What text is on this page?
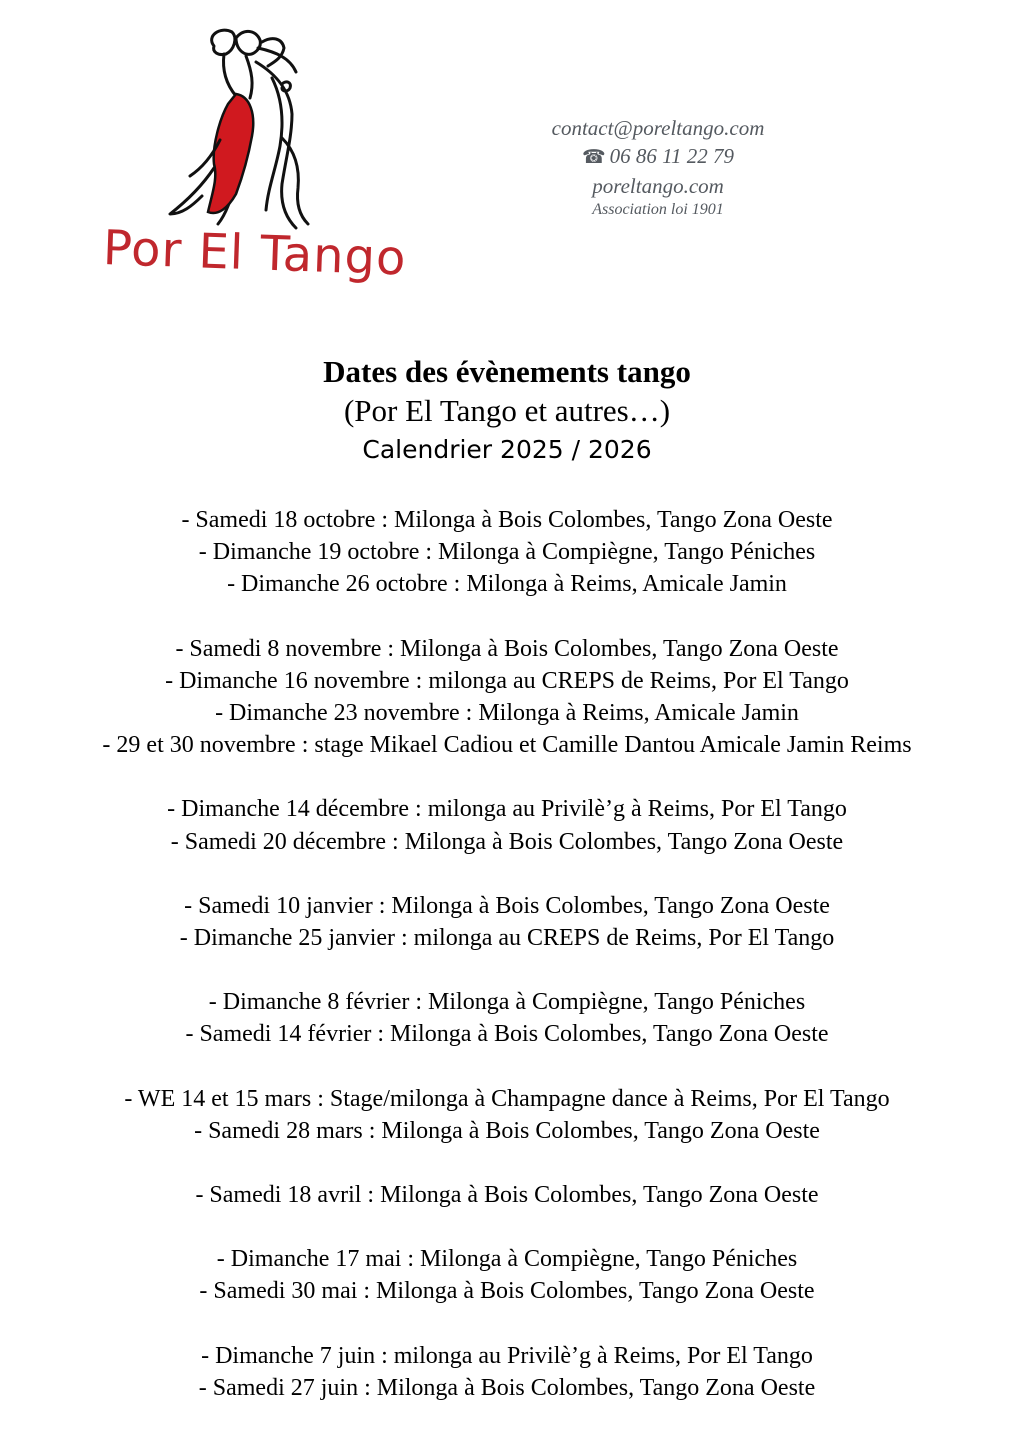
Por El Tango
contact@poreltango.com
☎ 06 86 11 22 79
poreltango.com
Association loi 1901
Dates des évènements tango
(Por El Tango et autres…)
Calendrier 2025 / 2026
- Samedi 18 octobre : Milonga à Bois Colombes, Tango Zona Oeste
- Dimanche 19 octobre : Milonga à Compiègne, Tango Péniches
- Dimanche 26 octobre : Milonga à Reims, Amicale Jamin
- Samedi 8 novembre : Milonga à Bois Colombes, Tango Zona Oeste
- Dimanche 16 novembre : milonga au CREPS de Reims, Por El Tango
- Dimanche 23 novembre : Milonga à Reims, Amicale Jamin
- 29 et 30 novembre : stage Mikael Cadiou et Camille Dantou Amicale Jamin Reims
- Dimanche 14 décembre : milonga au Privilè’g à Reims, Por El Tango
- Samedi 20 décembre : Milonga à Bois Colombes, Tango Zona Oeste
- Samedi 10 janvier : Milonga à Bois Colombes, Tango Zona Oeste
- Dimanche 25 janvier : milonga au CREPS de Reims, Por El Tango
- Dimanche 8 février : Milonga à Compiègne, Tango Péniches
- Samedi 14 février : Milonga à Bois Colombes, Tango Zona Oeste
- WE 14 et 15 mars : Stage/milonga à Champagne dance à Reims, Por El Tango
- Samedi 28 mars : Milonga à Bois Colombes, Tango Zona Oeste
- Samedi 18 avril : Milonga à Bois Colombes, Tango Zona Oeste
- Dimanche 17 mai : Milonga à Compiègne, Tango Péniches
- Samedi 30 mai : Milonga à Bois Colombes, Tango Zona Oeste
- Dimanche 7 juin : milonga au Privilè’g à Reims, Por El Tango
- Samedi 27 juin : Milonga à Bois Colombes, Tango Zona Oeste
